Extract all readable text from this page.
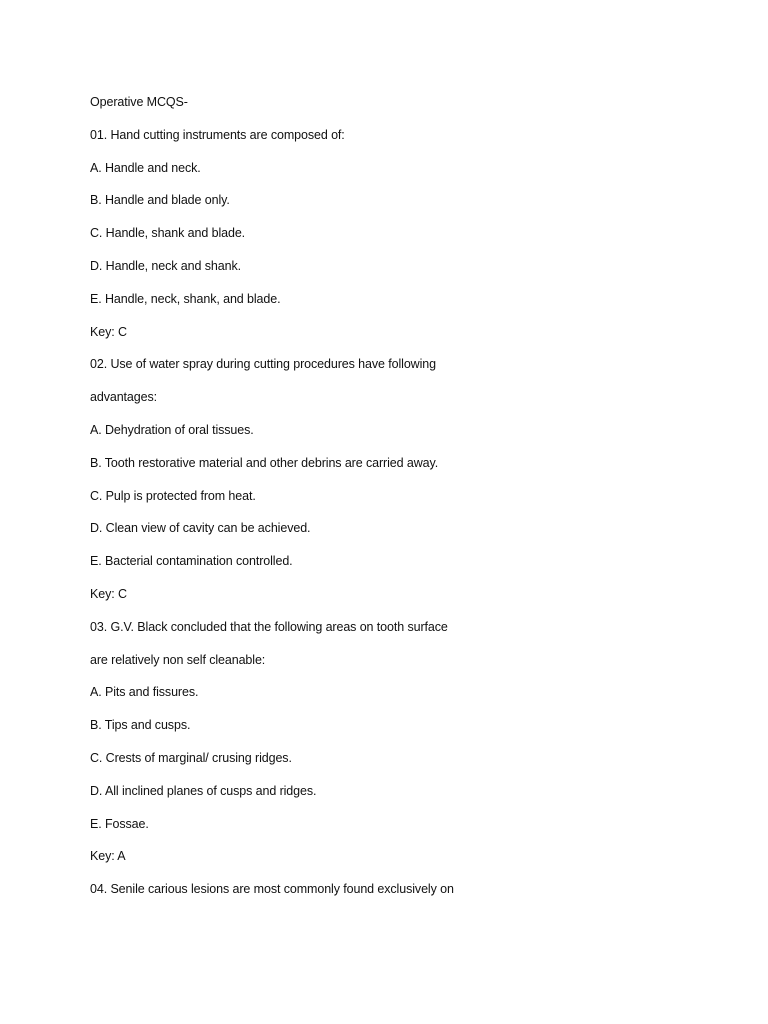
Operative MCQS-
01. Hand cutting instruments are composed of:
A. Handle and neck.
B. Handle and blade only.
C. Handle, shank and blade.
D. Handle, neck and shank.
E. Handle, neck, shank, and blade.
Key: C
02. Use of water spray during cutting procedures have following
advantages:
A. Dehydration of oral tissues.
B. Tooth restorative material and other debrins are carried away.
C. Pulp is protected from heat.
D. Clean view of cavity can be achieved.
E. Bacterial contamination controlled.
Key: C
03. G.V. Black concluded that the following areas on tooth surface
are relatively non self cleanable:
A. Pits and fissures.
B. Tips and cusps.
C. Crests of marginal/ crusing ridges.
D. All inclined planes of cusps and ridges.
E. Fossae.
Key: A
04. Senile carious lesions are most commonly found exclusively on
